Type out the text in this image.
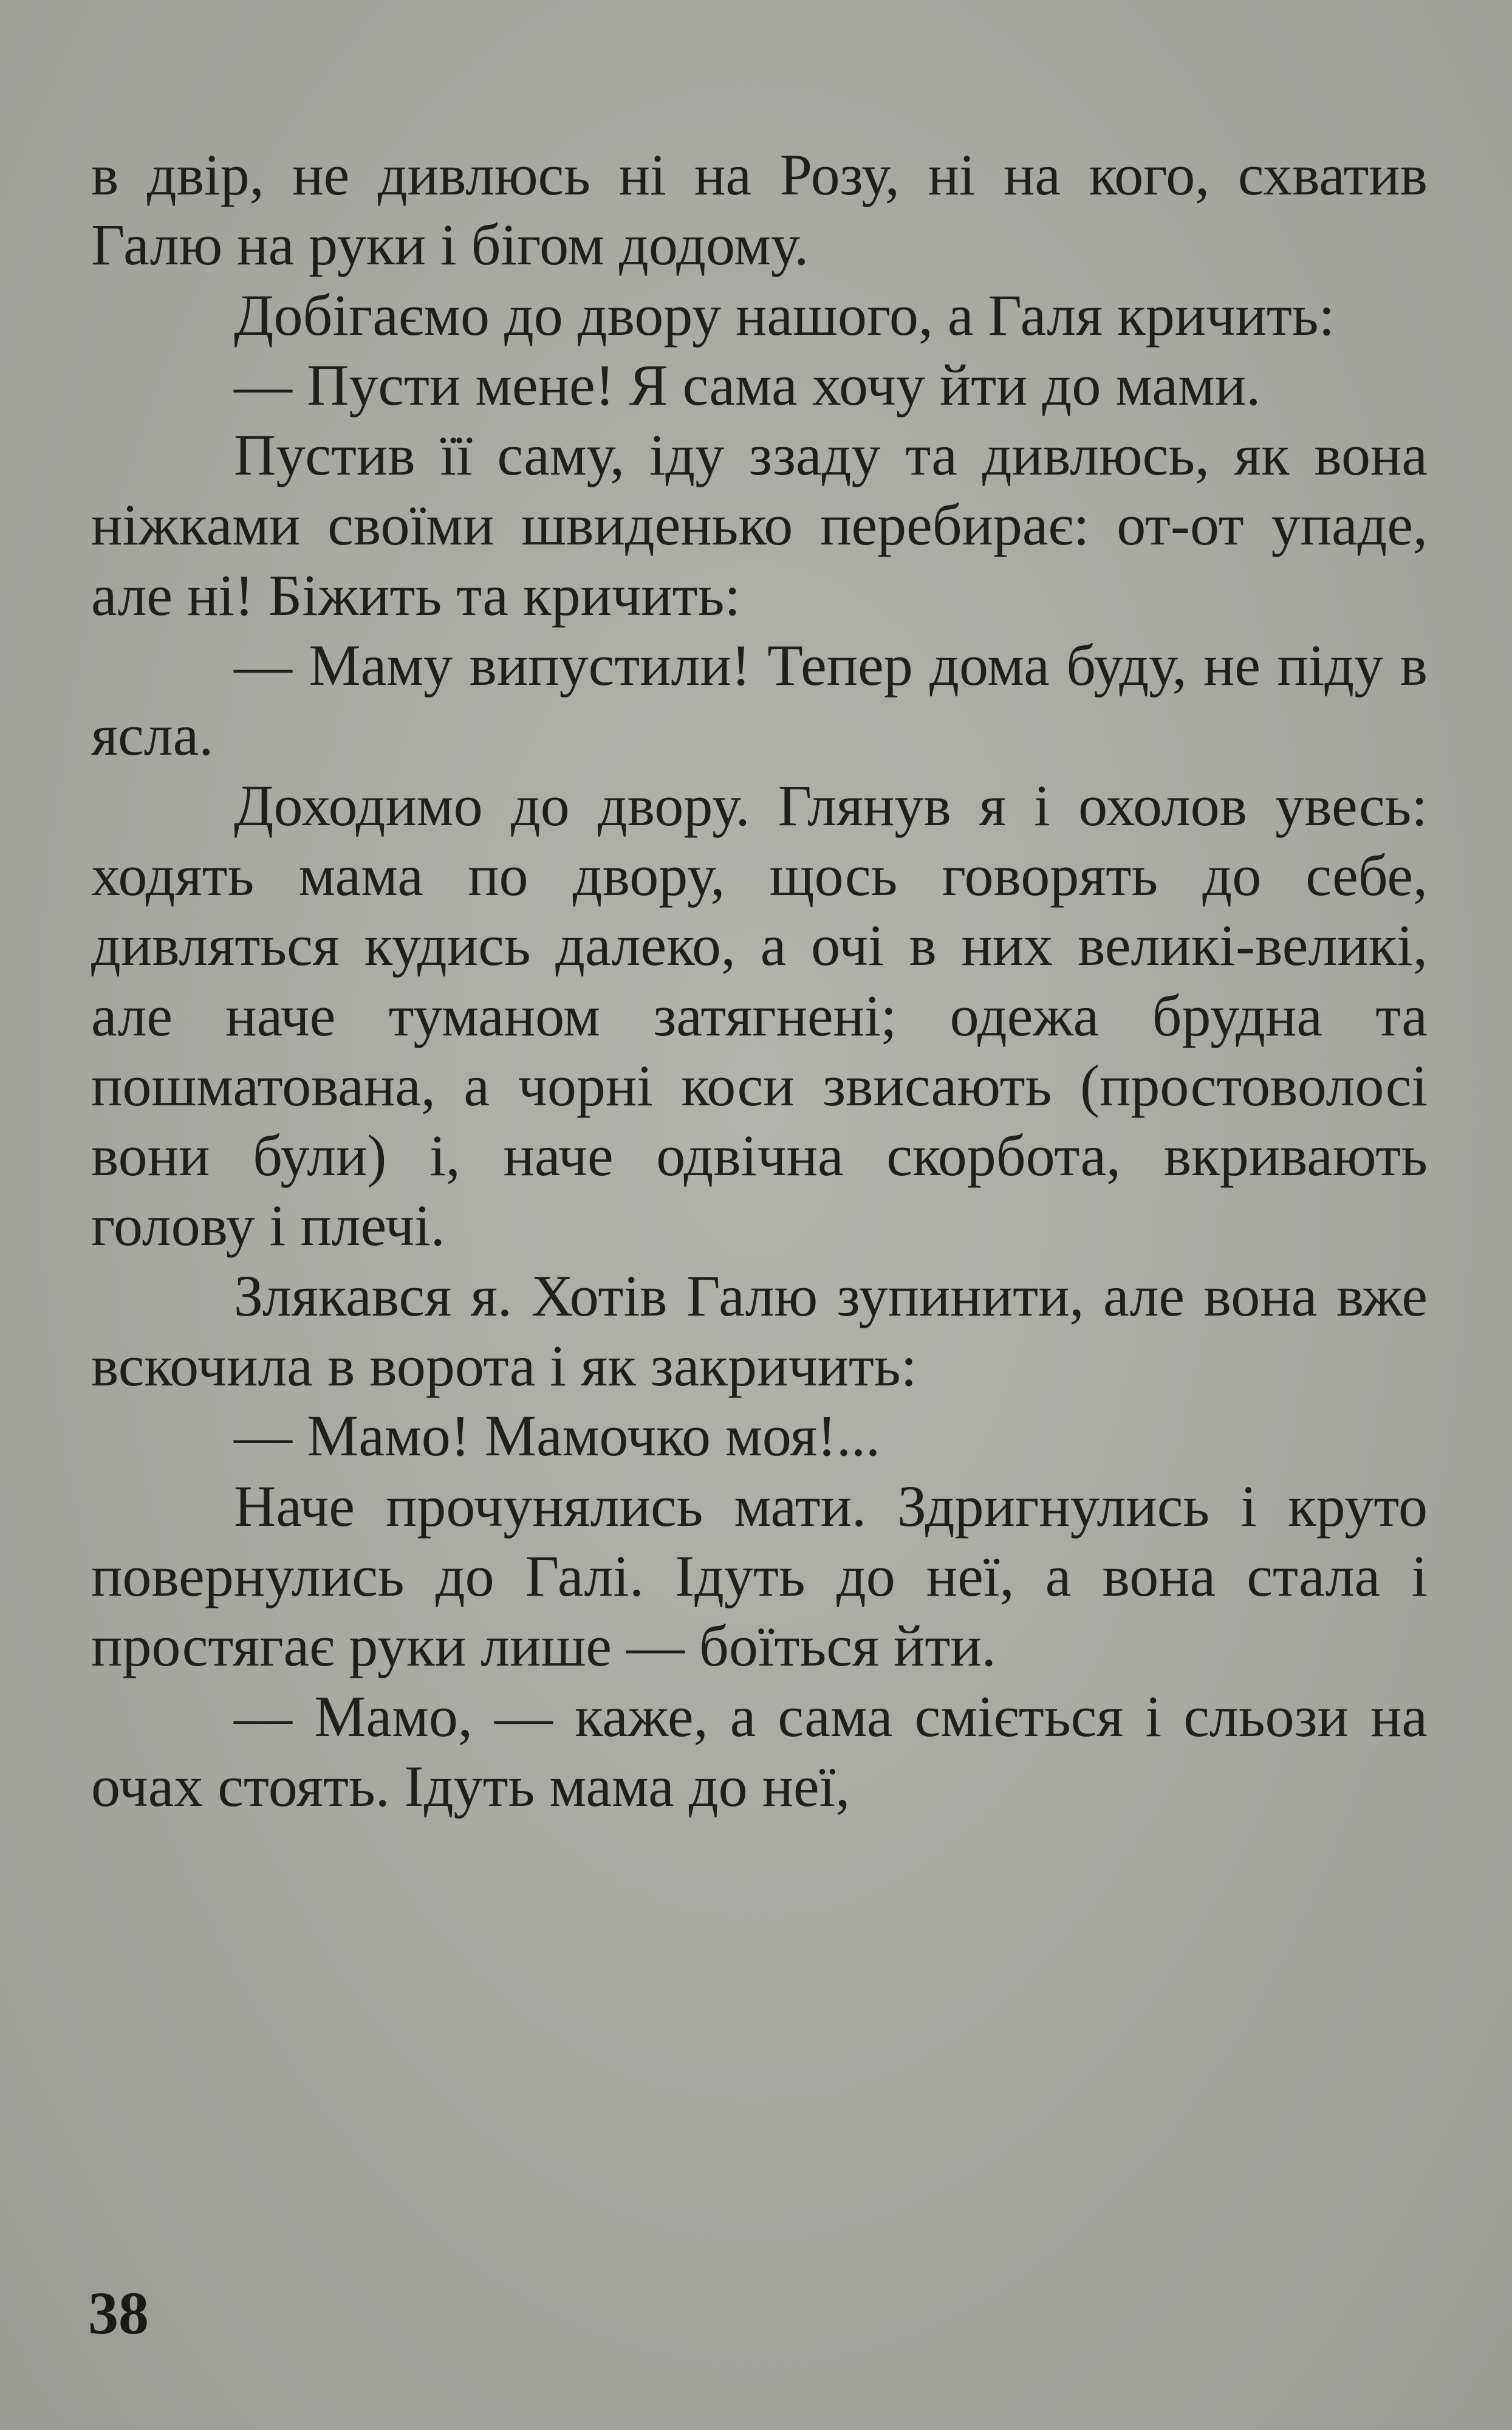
в двір, не дивлюсь ні на Розу, ні на кого, схватив Галю на руки і бігом додому.

Добігаємо до двору нашого, а Галя кричить:

— Пусти мене! Я сама хочу йти до мами.

Пустив її саму, іду ззаду та дивлюсь, як вона ніжками своїми швиденько перебирає: от-от упаде, але ні! Біжить та кричить:

— Маму випустили! Тепер дома буду, не піду в ясла.

Доходимо до двору. Глянув я і охолов увесь: ходять мама по двору, щось говорять до себе, дивляться кудись далеко, а очі в них великі-великі, але наче туманом затягнені; одежа брудна та пошматована, а чорні коси звисають (простоволосі вони були) і, наче одвічна скорбота, вкривають голову і плечі.

Злякався я. Хотів Галю зупинити, але вона вже вскочила в ворота і як закричить:

— Мамо! Мамочко моя!...

Наче прочунялись мати. Здригнулись і круто повернулись до Галі. Ідуть до неї, а вона стала і простягає руки лише — боїться йти.

— Мамо, — каже, а сама сміється і сльози на очах стоять. Ідуть мама до неї,

38
